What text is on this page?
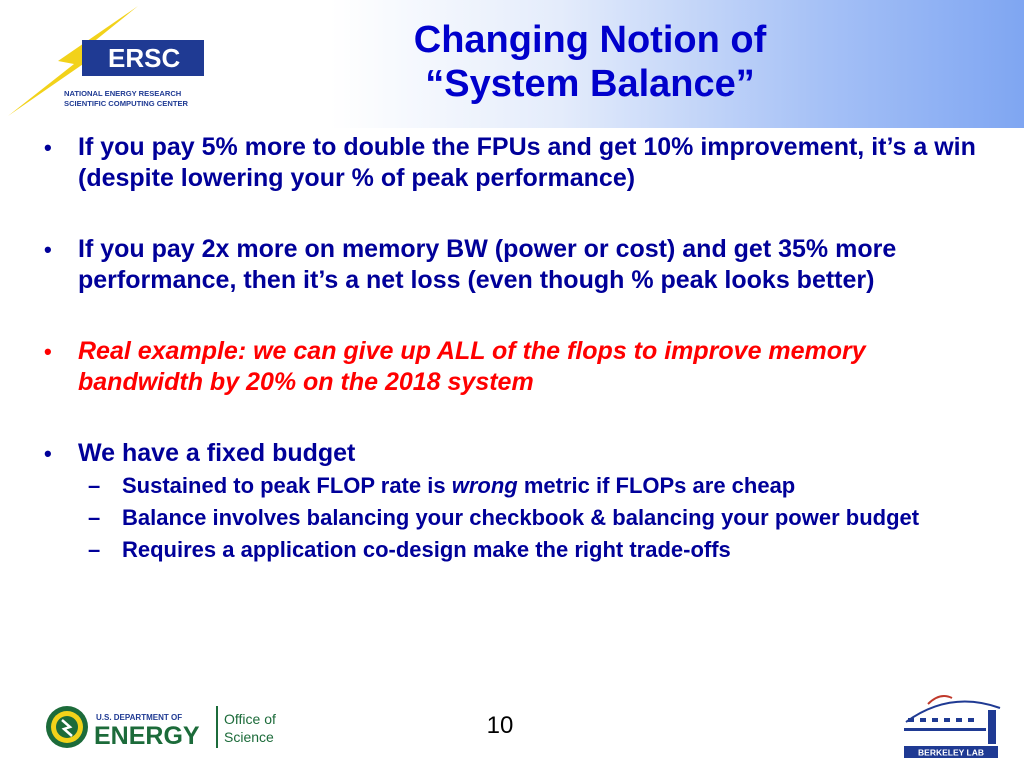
ERSC
NATIONAL ENERGY RESEARCH
SCIENTIFIC COMPUTING CENTER
Changing Notion of
“System Balance”
•	If you pay 5% more to double the FPUs and get 10% improvement, it’s a win (despite lowering your % of peak performance)
•	If you pay 2x more on memory BW (power or cost) and get 35% more performance, then it’s a net loss (even though % peak looks better)
•	Real example: we can give up ALL of the flops to improve memory bandwidth by 20% on the 2018 system
•	We have a fixed budget
– Sustained to peak FLOP rate is wrong metric if FLOPs are cheap
– Balance involves balancing your checkbook & balancing your power budget
– Requires a application co-design make the right trade-offs
U.S. DEPARTMENT OF
ENERGY
Office of
Science	10
BERKELEY LAB
